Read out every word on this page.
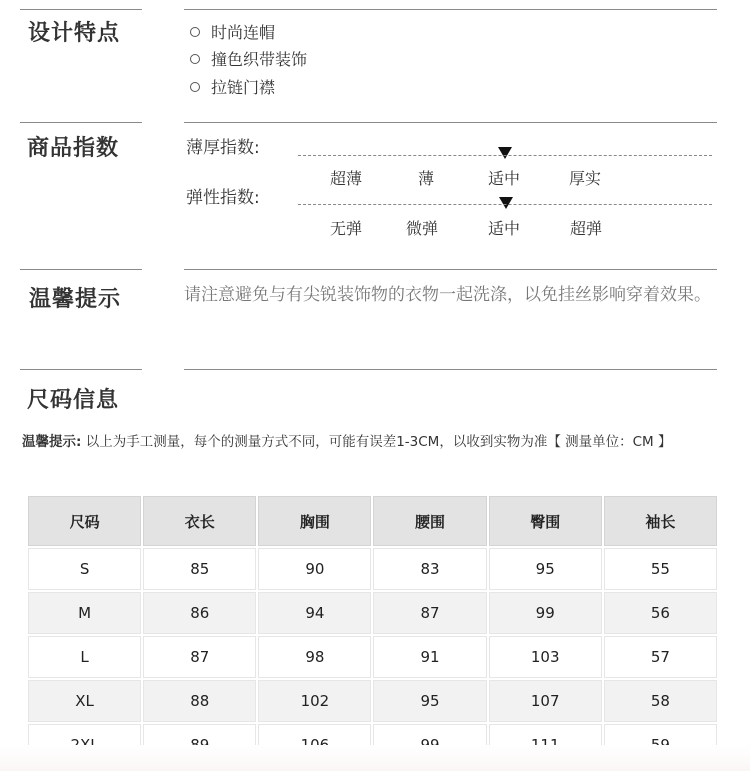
设计特点	时尚连帽
撞色织带装饰
拉链门襟
商品指数	薄厚指数:
超薄	薄	适中	厚实
弹性指数:
无弹	微弹	适中	超弹
温馨提示	请注意避免与有尖锐装饰物的衣物一起洗涤，以免挂丝影响穿着效果。
尺码信息
温馨提示: 以上为手工测量，每个的测量方式不同，可能有误差1-3CM，以收到实物为准【 测量单位：CM 】
尺码	衣长	胸围	腰围	臀围	袖长
S	85	90	83	95	55
M	86	94	87	99	56
L	87	98	91	103	57
XL	88	102	95	107	58
